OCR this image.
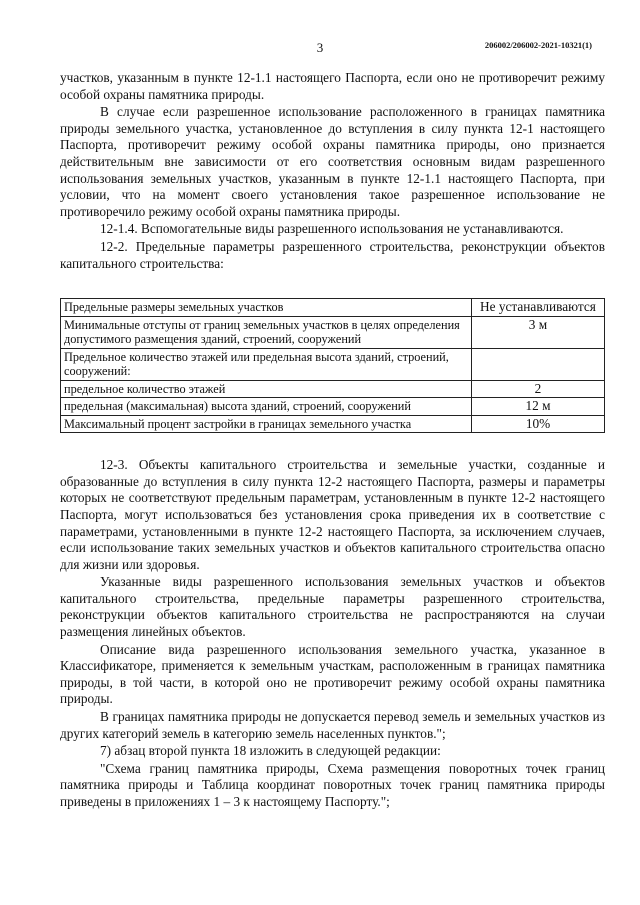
3	206002/206002-2021-10321(1)

участков, указанным в пункте 12-1.1 настоящего Паспорта, если оно не противоречит режиму особой охраны памятника природы.

В случае если разрешенное использование расположенного в границах памятника природы земельного участка, установленное до вступления в силу пункта 12-1 настоящего Паспорта, противоречит режиму особой охраны памятника природы, оно признается действительным вне зависимости от его соответствия основным видам разрешенного использования земельных участков, указанным в пункте 12-1.1 настоящего Паспорта, при условии, что на момент своего установления такое разрешенное использование не противоречило режиму особой охраны памятника природы.

12-1.4. Вспомогательные виды разрешенного использования не устанавливаются.

12-2. Предельные параметры разрешенного строительства, реконструкции объектов капитального строительства:

Предельные размеры земельных участков	Не устанавливаются
Минимальные отступы от границ земельных участков в целях определения допустимого размещения зданий, строений, сооружений	3 м
Предельное количество этажей или предельная высота зданий, строений, сооружений:	
предельное количество этажей	2
предельная (максимальная) высота зданий, строений, сооружений	12 м
Максимальный процент застройки в границах земельного участка	10%

12-3. Объекты капитального строительства и земельные участки, созданные и образованные до вступления в силу пункта 12-2 настоящего Паспорта, размеры и параметры которых не соответствуют предельным параметрам, установленным в пункте 12-2 настоящего Паспорта, могут использоваться без установления срока приведения их в соответствие с параметрами, установленными в пункте 12-2 настоящего Паспорта, за исключением случаев, если использование таких земельных участков и объектов капитального строительства опасно для жизни или здоровья.

Указанные виды разрешенного использования земельных участков и объектов капитального строительства, предельные параметры разрешенного строительства, реконструкции объектов капитального строительства не распространяются на случаи размещения линейных объектов.

Описание вида разрешенного использования земельного участка, указанное в Классификаторе, применяется к земельным участкам, расположенным в границах памятника природы, в той части, в которой оно не противоречит режиму особой охраны памятника природы.

В границах памятника природы не допускается перевод земель и земельных участков из других категорий земель в категорию земель населенных пунктов.";

7) абзац второй пункта 18 изложить в следующей редакции:

"Схема границ памятника природы, Схема размещения поворотных точек границ памятника природы и Таблица координат поворотных точек границ памятника природы приведены в приложениях 1 – 3 к настоящему Паспорту.";
